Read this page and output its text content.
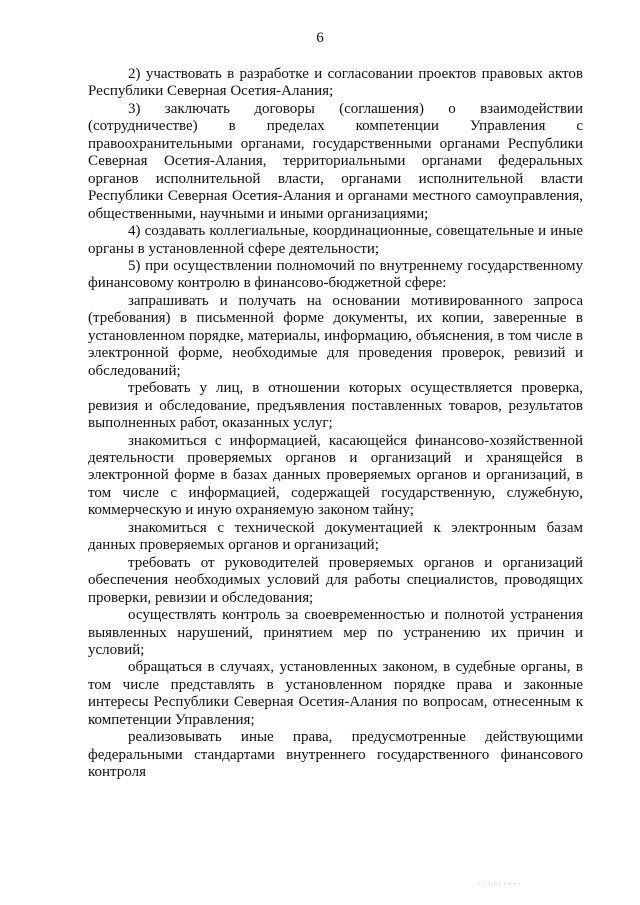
6

2) участвовать в разработке и согласовании проектов правовых актов Республики Северная Осетия-Алания;

3) заключать договоры (соглашения) о взаимодействии (сотрудничестве) в пределах компетенции Управления с правоохранительными органами, государственными органами Республики Северная Осетия-Алания, территориальными органами федеральных органов исполнительной власти, органами исполнительной власти Республики Северная Осетия-Алания и органами местного самоуправления, общественными, научными и иными организациями;

4) создавать коллегиальные, координационные, совещательные и иные органы в установленной сфере деятельности;

5) при осуществлении полномочий по внутреннему государственному финансовому контролю в финансово-бюджетной сфере:

запрашивать и получать на основании мотивированного запроса (требования) в письменной форме документы, их копии, заверенные в установленном порядке, материалы, информацию, объяснения, в том числе в электронной форме, необходимые для проведения проверок, ревизий и обследований;

требовать у лиц, в отношении которых осуществляется проверка, ревизия и обследование, предъявления поставленных товаров, результатов выполненных работ, оказанных услуг;

знакомиться с информацией, касающейся финансово-хозяйственной деятельности проверяемых органов и организаций и хранящейся в электронной форме в базах данных проверяемых органов и организаций, в том числе с информацией, содержащей государственную, служебную, коммерческую и иную охраняемую законом тайну;

знакомиться с технической документацией к электронным базам данных проверяемых органов и организаций;

требовать от руководителей проверяемых органов и организаций обеспечения необходимых условий для работы специалистов, проводящих проверки, ревизии и обследования;

осуществлять контроль за своевременностью и полнотой устранения выявленных нарушений, принятием мер по устранению их причин и условий;

обращаться в случаях, установленных законом, в судебные органы, в том числе представлять в установленном порядке права и законные интересы Республики Северная Осетия-Алания по вопросам, отнесенным к компетенции Управления;

реализовывать иные права, предусмотренные действующими федеральными стандартами внутреннего государственного финансового контроля

· · · · · · · · ·
